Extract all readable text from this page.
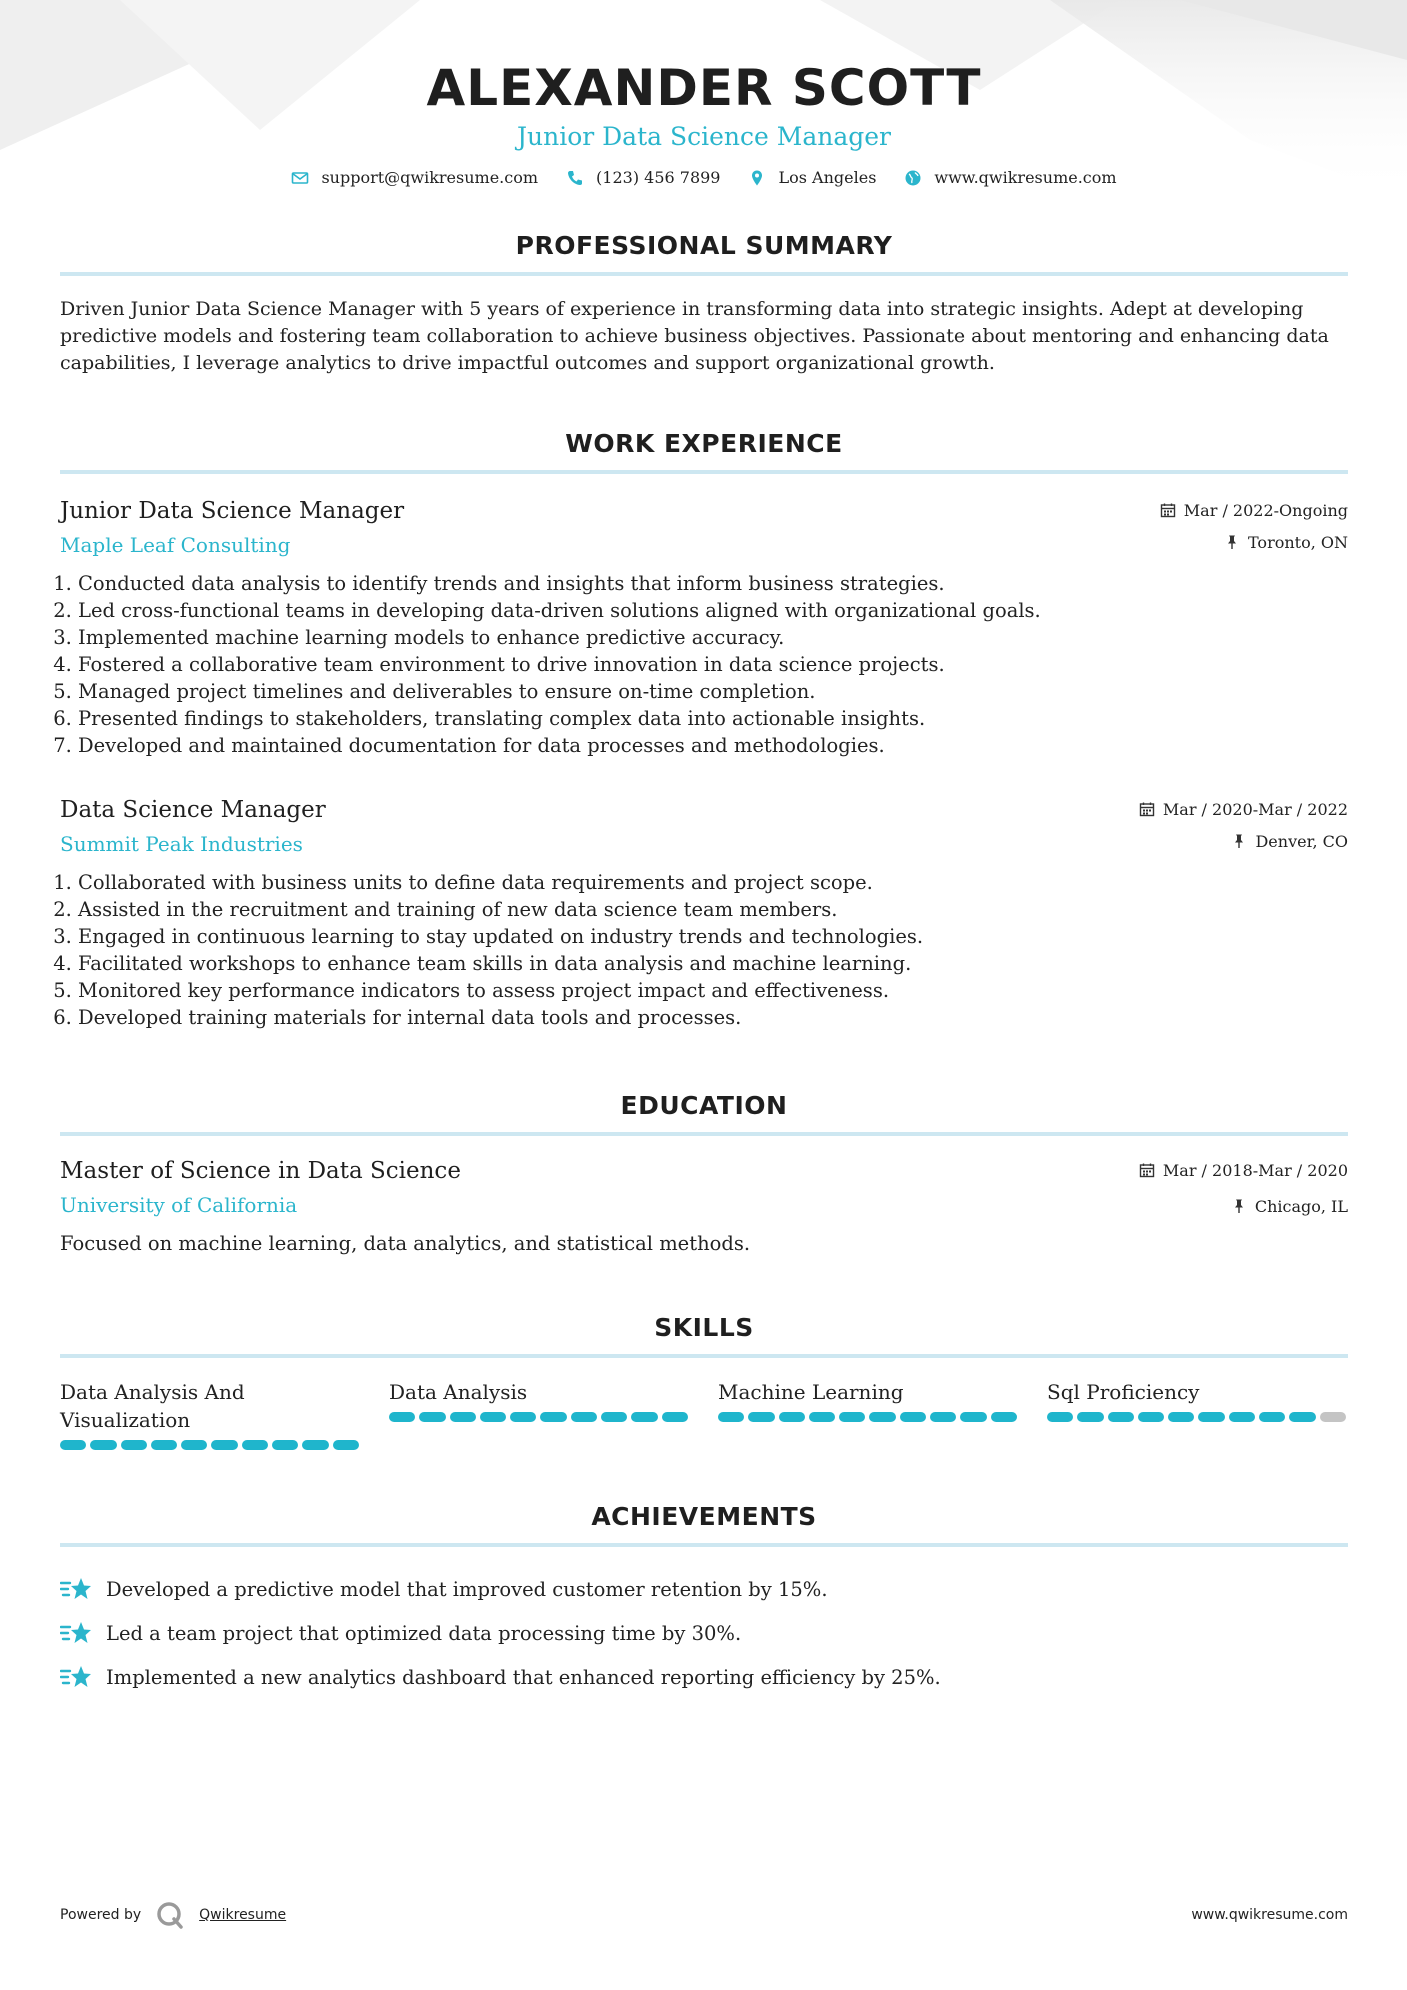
ALEXANDER SCOTT
Junior Data Science Manager
support@qwikresume.com	(123) 456 7899	Los Angeles	www.qwikresume.com
PROFESSIONAL SUMMARY
Driven Junior Data Science Manager with 5 years of experience in transforming data into strategic insights. Adept at developing predictive models and fostering team collaboration to achieve business objectives. Passionate about mentoring and enhancing data capabilities, I leverage analytics to drive impactful outcomes and support organizational growth.
WORK EXPERIENCE
Junior Data Science Manager
Maple Leaf Consulting
Mar / 2022-Ongoing
Toronto, ON
1. Conducted data analysis to identify trends and insights that inform business strategies.
2. Led cross-functional teams in developing data-driven solutions aligned with organizational goals.
3. Implemented machine learning models to enhance predictive accuracy.
4. Fostered a collaborative team environment to drive innovation in data science projects.
5. Managed project timelines and deliverables to ensure on-time completion.
6. Presented findings to stakeholders, translating complex data into actionable insights.
7. Developed and maintained documentation for data processes and methodologies.
Data Science Manager
Summit Peak Industries
Mar / 2020-Mar / 2022
Denver, CO
1. Collaborated with business units to define data requirements and project scope.
2. Assisted in the recruitment and training of new data science team members.
3. Engaged in continuous learning to stay updated on industry trends and technologies.
4. Facilitated workshops to enhance team skills in data analysis and machine learning.
5. Monitored key performance indicators to assess project impact and effectiveness.
6. Developed training materials for internal data tools and processes.
EDUCATION
Master of Science in Data Science
University of California
Mar / 2018-Mar / 2020
Chicago, IL
Focused on machine learning, data analytics, and statistical methods.
SKILLS
Data Analysis And Visualization
Data Analysis	Machine Learning	Sql Proficiency
ACHIEVEMENTS
Developed a predictive model that improved customer retention by 15%.
Led a team project that optimized data processing time by 30%.
Implemented a new analytics dashboard that enhanced reporting efficiency by 25%.
Powered by	Qwikresume	www.qwikresume.com
